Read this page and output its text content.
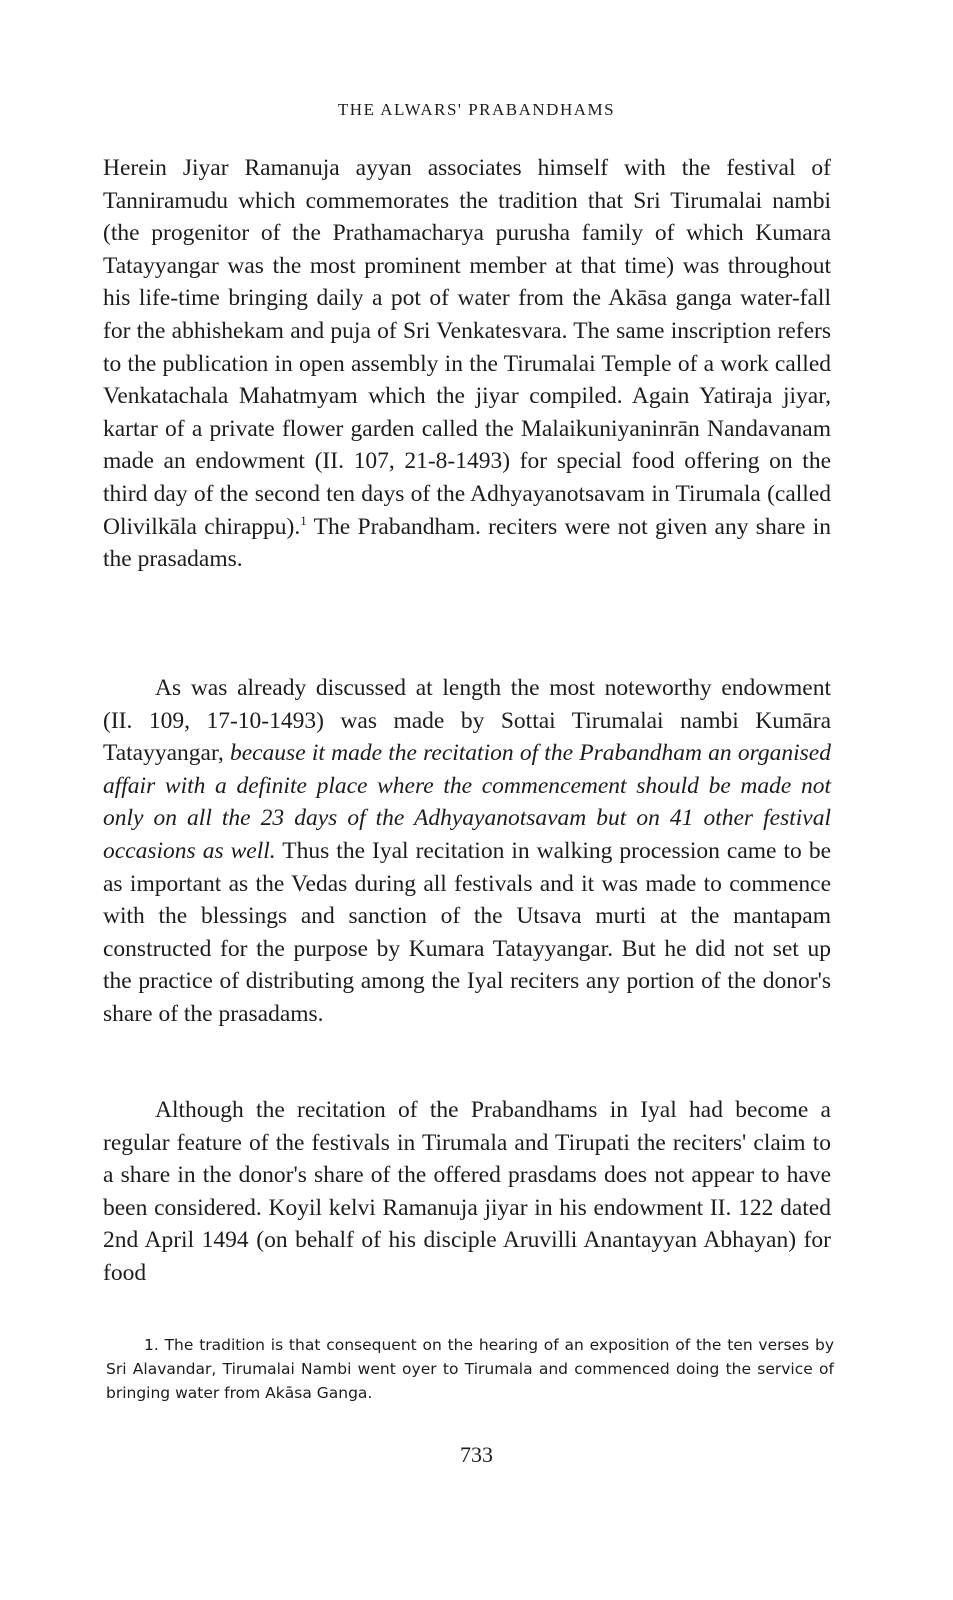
THE ALWARS' PRABANDHAMS

Herein Jiyar Ramanuja ayyan associates himself with the festival of Tanniramudu which commemorates the tradition that Sri Tirumalai nambi (the progenitor of the Prathamacharya purusha family of which Kumara Tatayyangar was the most prominent member at that time) was throughout his life-time bringing daily a pot of water from the Akāsa ganga water-fall for the abhishekam and puja of Sri Venkatesvara. The same inscription refers to the publication in open assembly in the Tirumalai Temple of a work called Venkatachala Mahatmyam which the jiyar compiled. Again Yatiraja jiyar, kartar of a private flower garden called the Malaikuniyaninrān Nandavanam made an endowment (II. 107, 21-8-1493) for special food offering on the third day of the second ten days of the Adhyayanotsavam in Tirumala (called Olivilkāla chirappu).$^1$ The Prabandham. reciters were not given any share in the prasadams.

As was already discussed at length the most noteworthy endowment (II. 109, 17-10-1493) was made by Sottai Tirumalai nambi Kumāra Tatayyangar, because it made the recitation of the Prabandham an organised affair with a definite place where the commencement should be made not only on all the 23 days of the Adhyayanotsavam but on 41 other festival occasions as well. Thus the Iyal recitation in walking procession came to be as important as the Vedas during all festivals and it was made to commence with the blessings and sanction of the Utsava murti at the mantapam constructed for the purpose by Kumara Tatayyangar. But he did not set up the practice of distributing among the Iyal reciters any portion of the donor's share of the prasadams.

Although the recitation of the Prabandhams in Iyal had become a regular feature of the festivals in Tirumala and Tirupati the reciters' claim to a share in the donor's share of the offered prasdams does not appear to have been considered. Koyil kelvi Ramanuja jiyar in his endowment II. 122 dated 2nd April 1494 (on behalf of his disciple Aruvilli Anantayyan Abhayan) for food

1. The tradition is that consequent on the hearing of an exposition of the ten verses by Sri Alavandar, Tirumalai Nambi went oyer to Tirumala and commenced doing the service of bringing water from Akāsa Ganga.
733
